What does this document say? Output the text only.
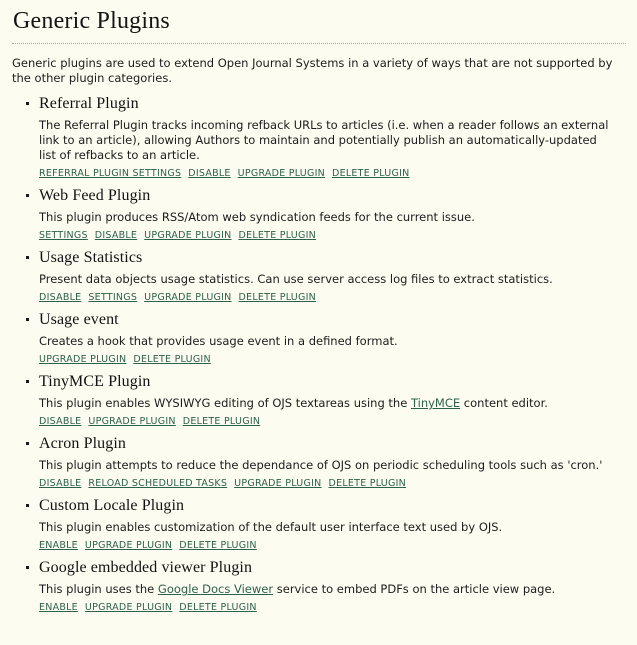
Generic Plugins

Generic plugins are used to extend Open Journal Systems in a variety of ways that are not supported by the other plugin categories.

Referral Plugin

The Referral Plugin tracks incoming refback URLs to articles (i.e. when a reader follows an external link to an article), allowing Authors to maintain and potentially publish an automatically-updated list of refbacks to an article.

REFERRAL PLUGIN SETTINGS DISABLE UPGRADE PLUGIN DELETE PLUGIN
Web Feed Plugin

This plugin produces RSS/Atom web syndication feeds for the current issue.

SETTINGS DISABLE UPGRADE PLUGIN DELETE PLUGIN
Usage Statistics

Present data objects usage statistics. Can use server access log files to extract statistics.

DISABLE SETTINGS UPGRADE PLUGIN DELETE PLUGIN
Usage event

Creates a hook that provides usage event in a defined format.

UPGRADE PLUGIN DELETE PLUGIN
TinyMCE Plugin

This plugin enables WYSIWYG editing of OJS textareas using the TinyMCE content editor.

DISABLE UPGRADE PLUGIN DELETE PLUGIN
Acron Plugin

This plugin attempts to reduce the dependance of OJS on periodic scheduling tools such as 'cron.'

DISABLE RELOAD SCHEDULED TASKS UPGRADE PLUGIN DELETE PLUGIN
Custom Locale Plugin

This plugin enables customization of the default user interface text used by OJS.

ENABLE UPGRADE PLUGIN DELETE PLUGIN
Google embedded viewer Plugin

This plugin uses the Google Docs Viewer service to embed PDFs on the article view page.

ENABLE UPGRADE PLUGIN DELETE PLUGIN
